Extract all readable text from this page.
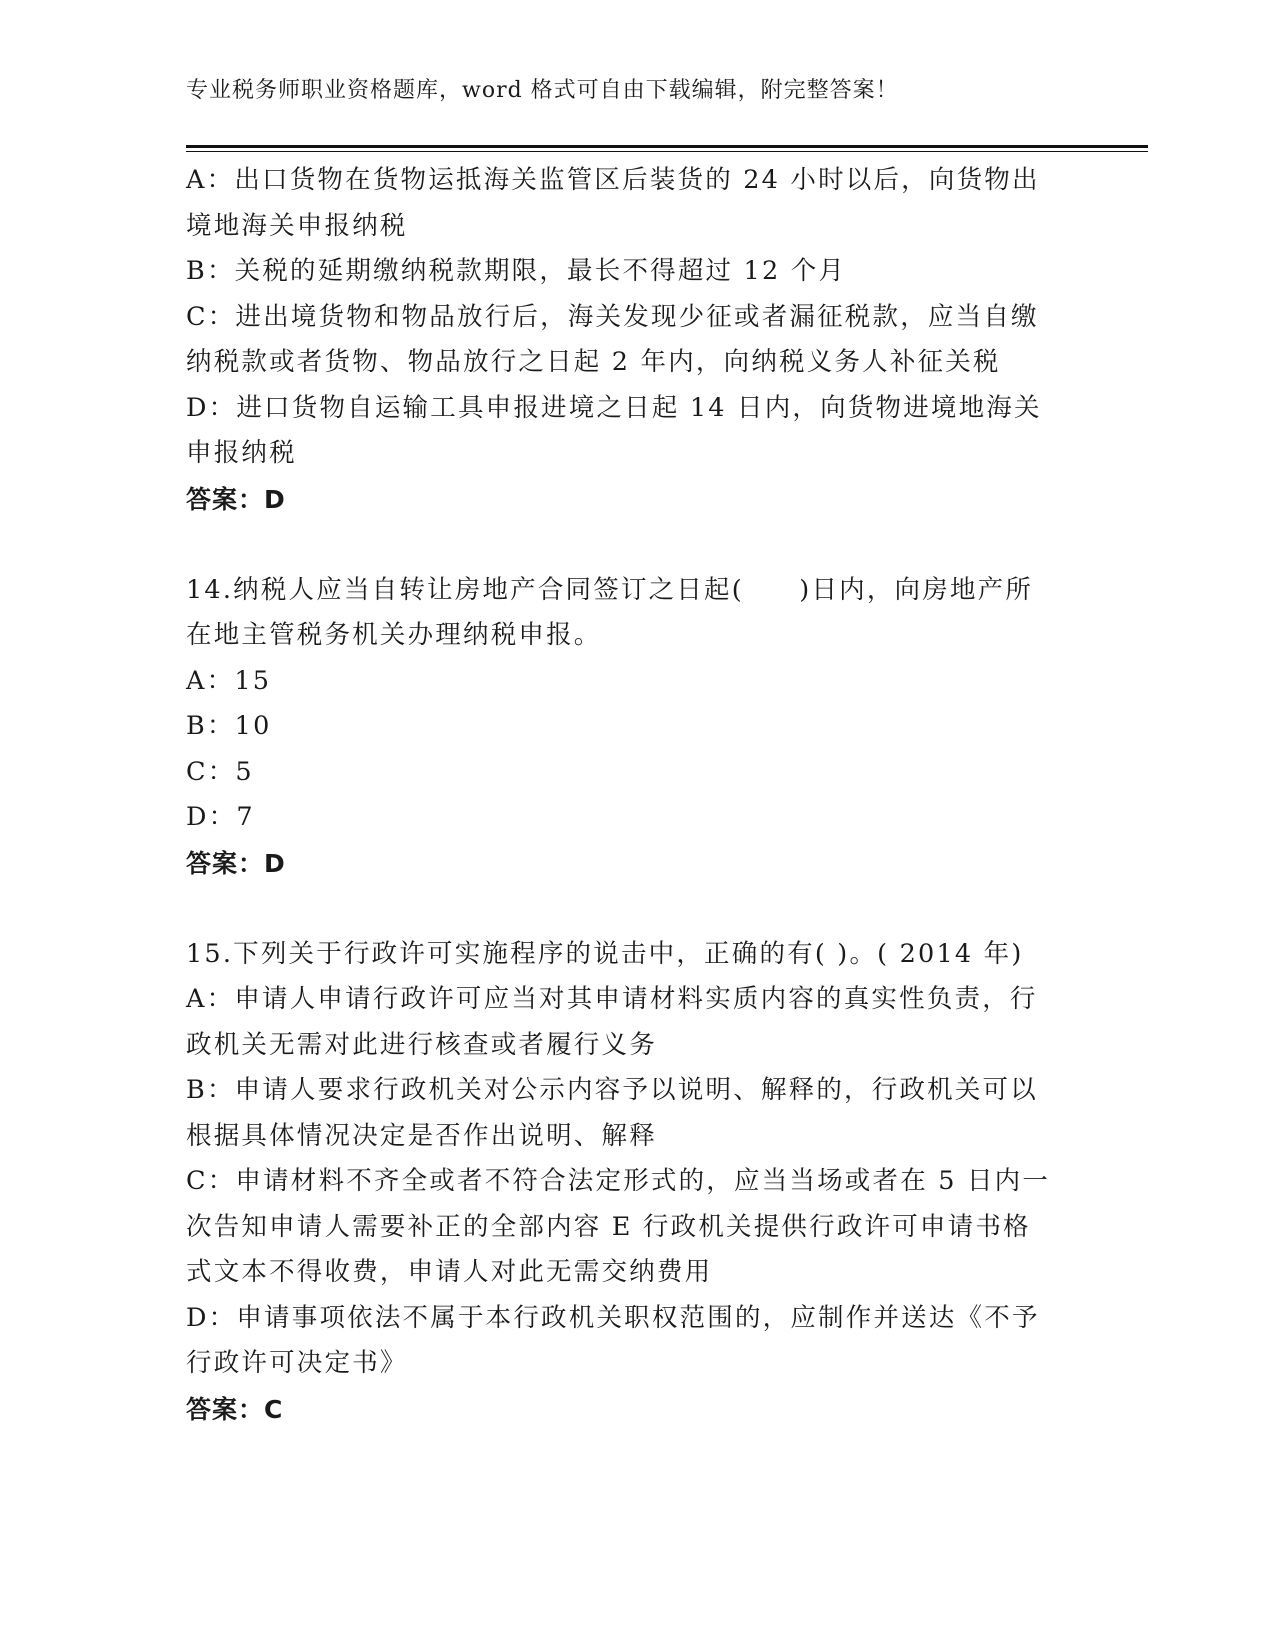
专业税务师职业资格题库，word 格式可自由下载编辑，附完整答案！
A：出口货物在货物运抵海关监管区后装货的 24 小时以后，向货物出
境地海关申报纳税
B：关税的延期缴纳税款期限，最长不得超过 12 个月
C：进出境货物和物品放行后，海关发现少征或者漏征税款，应当自缴
纳税款或者货物、物品放行之日起 2 年内，向纳税义务人补征关税
D：进口货物自运输工具申报进境之日起 14 日内，向货物进境地海关
申报纳税
答案：D
14.纳税人应当自转让房地产合同签订之日起(　　)日内，向房地产所
在地主管税务机关办理纳税申报。
A：15
B：10
C：5
D：7
答案：D
15.下列关于行政许可实施程序的说击中，正确的有( )。( 2014 年)
A：申请人申请行政许可应当对其申请材料实质内容的真实性负责，行
政机关无需对此进行核查或者履行义务
B：申请人要求行政机关对公示内容予以说明、解释的，行政机关可以
根据具体情况决定是否作出说明、解释
C：申请材料不齐全或者不符合法定形式的，应当当场或者在 5 日内一
次告知申请人需要补正的全部内容 E 行政机关提供行政许可申请书格
式文本不得收费，申请人对此无需交纳费用
D：申请事项依法不属于本行政机关职权范围的，应制作并送达《不予
行政许可决定书》
答案：C
